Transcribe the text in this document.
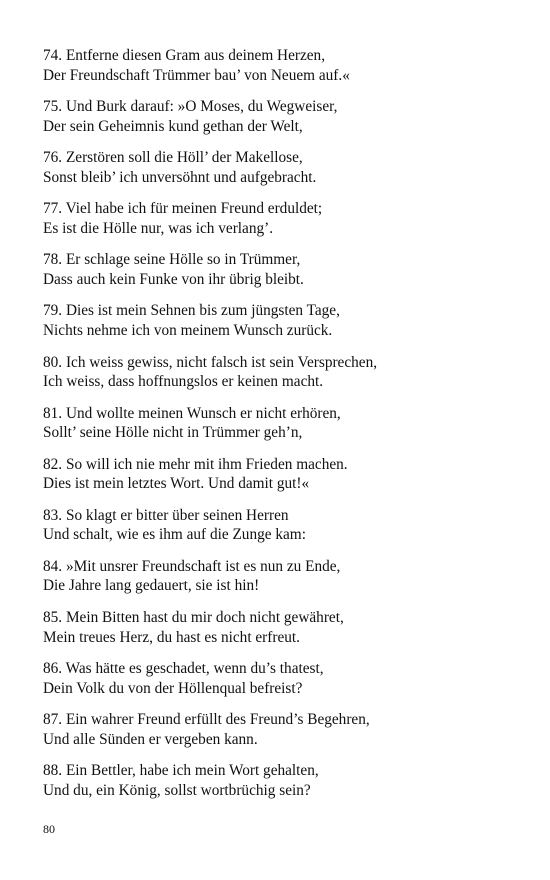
74. Entferne diesen Gram aus deinem Herzen,
Der Freundschaft Trümmer bau’ von Neuem auf.«
75. Und Burk darauf: »O Moses, du Wegweiser,
Der sein Geheimnis kund gethan der Welt,
76. Zerstören soll die Höll’ der Makellose,
Sonst bleib’ ich unversöhnt und aufgebracht.
77. Viel habe ich für meinen Freund erduldet;
Es ist die Hölle nur, was ich verlang’.
78. Er schlage seine Hölle so in Trümmer,
Dass auch kein Funke von ihr übrig bleibt.
79. Dies ist mein Sehnen bis zum jüngsten Tage,
Nichts nehme ich von meinem Wunsch zurück.
80. Ich weiss gewiss, nicht falsch ist sein Versprechen,
Ich weiss, dass hoffnungslos er keinen macht.
81. Und wollte meinen Wunsch er nicht erhören,
Sollt’ seine Hölle nicht in Trümmer geh’n,
82. So will ich nie mehr mit ihm Frieden machen.
Dies ist mein letztes Wort. Und damit gut!«
83. So klagt er bitter über seinen Herren
Und schalt, wie es ihm auf die Zunge kam:
84. »Mit unsrer Freundschaft ist es nun zu Ende,
Die Jahre lang gedauert, sie ist hin!
85. Mein Bitten hast du mir doch nicht gewähret,
Mein treues Herz, du hast es nicht erfreut.
86. Was hätte es geschadet, wenn du’s thatest,
Dein Volk du von der Höllenqual befreist?
87. Ein wahrer Freund erfüllt des Freund’s Begehren,
Und alle Sünden er vergeben kann.
88. Ein Bettler, habe ich mein Wort gehalten,
Und du, ein König, sollst wortbrüchig sein?
80
